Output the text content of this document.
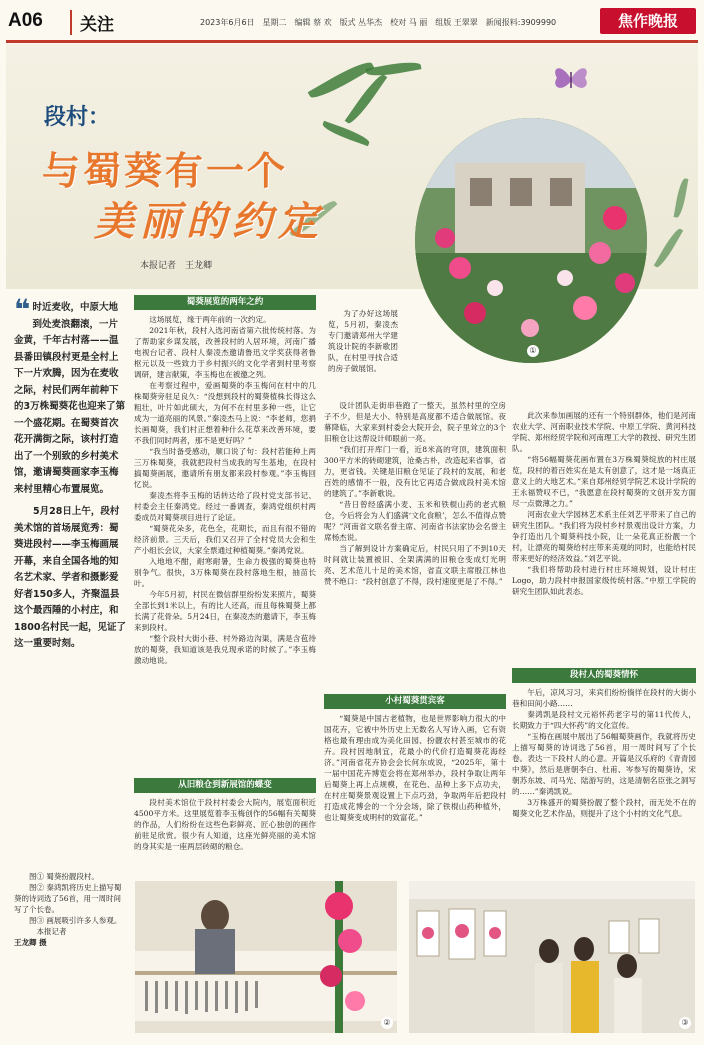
A06	关注	2023年6月6日　星期二　编辑 蔡 欢　版式 丛华杰　校对 马 丽　组版 王翠翠　新闻报料:3909990	焦作晚报
段村：
与蜀葵有一个
美丽的约定
本报记者　王龙卿
①

❝ 时近麦收，中原大地到处麦浪翻滚，一片金黄，千年古村落——温县番田镇段村更是全村上下一片欢腾，因为在麦收之际，村民们两年前种下的3万株蜀葵花也迎来了第一个盛花期。在蜀葵首次花开满街之际，该村打造出了一个别致的乡村美术馆，邀请蜀葵画家李玉梅来村里精心布置展览。

5月28日上午，段村美术馆的首场展览秀：蜀葵进段村——李玉梅画展开幕，来自全国各地的知名艺术家、学者和摄影爱好者150多人，齐聚温县这个最西陲的小村庄，和1800名村民一起，见证了这一重要时刻。

　　图① 蜀葵扮靓段村。

　　图② 秦鸿凯将历史上描写蜀葵的诗词选了56首，用一周时间写了个长卷。

　　图③ 画展吸引许多人参观。

　　　本报记者

王龙卿 摄

蜀葵展览的两年之约

这场展览，缘于两年前的一次约定。

2021年秋，段村入选河南省第六批传统村落。为了帮助家乡谋发展，改善段村的人居环境，河南广播电视台记者、段村人秦凌杰邀请鲁迅文学奖获得者鲁枢元以及一些致力于乡村振兴的文化学者到村里考察调研，建言献策，李玉梅也在被邀之列。

在考察过程中，爱画蜀葵的李玉梅问在村中的几株蜀葵旁驻足良久：“没想到段村的蜀葵植株长得这么粗壮，叶片如此硕大，为何不在村里多种一些，让它成为一道亮丽的风景。”秦凌杰马上说：“李老师，您捐长画蜀葵，我们村正想着种什么花草来改善环境，要不我们同时两者，那不是更好吗？”

“我当时备受感动，顺口说了句：段村若能种上两三万株蜀葵，我就把段村当成我的写生基地，在段村搞蜀葵画展，邀请所有朋友都来段村参观。”李玉梅回忆说。

秦凌杰将李玉梅的话转达给了段村党支部书记、村委会主任秦鸿党。经过一番调查，秦鸿党组织村两委成员对蜀葵项目进行了论证。

“蜀葵花朵多，花色全，花期长，而且有很不错的经济前景。三天后，我们又召开了全村党员大会和生产小组长会议，大家全票通过种植蜀葵。”秦鸿党说。

入地地不酣，耐寒耐暑，生命力极强的蜀葵也特别争气。很快，3万株蜀葵在段村落地生根，抽苗长叶。

今年5月初，村民在微信群里纷纷发来照片，蜀葵全部长到1米以上，有的比人还高，而且每株蜀葵上都长满了花骨朵。5月24日，在秦凌杰的邀请下，李玉梅来到段村。

“整个段村大街小巷、村外路边沟渠，满是含苞待放的蜀葵，我知道该是我兑现承诺的时候了。”李玉梅激动地说。

从旧粮仓到新展馆的蝶变

段村美术馆位于段村村委会大院内，展览面积近4500平方米。这里展览着李玉梅创作的56幅有关蜀葵的作品，人们纷纷在这些色彩鲜亮、匠心独创的画作前驻足欣赏。很少有人知道，这座光鲜亮丽的美术馆的身其实是一座两层砖砌的粮仓。

为了办好这场展览，5月初，秦凌杰专门邀请郑州大学建筑设计院的李新歌团队，在村里寻找合适的房子做展馆。

设计团队走街串巷跑了一整天，虽然村里的空房子不少，但是大小、特别是高度都不适合做展馆。夜幕降临，大家来到村委会大院开会，院子里耸立的3个旧粮仓让这帮设计师眼前一亮。

“我们打开库门一看，近8米高的穹顶，建筑面积300平方米的砖砌建筑，沧桑古朴，改造起来省事，省力，更省钱。关键是旧粮仓见证了段村的发展，和老百姓的感情不一般，没有比它再适合做成段村美术馆的建筑了。”李新歌说。

“昔日曾经盛满小麦、玉米和铁棍山药的老式粮仓，今后将会为人们盛满‘文化食粮’，怎么不值得点赞呢？”河南省文联名誉主席、河南省书法家协会名誉主席杨杰说。

当了解到设计方案确定后，村民只用了不到10天时间就让装置被旧、全架满满的旧粮仓变成灯光明亮、艺术范儿十足的美术馆，省直文联主席殷江林也赞不绝口：“段村创意了不得，段村速度更是了不得。”

小村蜀葵贯宾客

“蜀葵是中国古老植物，也是世界影响力很大的中国花卉，它被中外历史上无数名人写诗入画，它有资格也最有理由成为美化田园、扮靓农村甚至城市的花卉。段村因地制宜，花最小的代价打造蜀葵花海经济。”河南省花卉协会会长何东成说，“2025年，第十一届中国花卉博览会将在郑州举办，段村争取让两年后蜀葵上再上点规模，在花色、品种上多下点功夫，在村庄蜀葵景观设置上下点巧劲，争取两年后把段村打造成花博会的一个分会场，除了铁棍山药种植外，也让蜀葵变成明村的致富花。”

此次来参加画展的还有一个特别群体，他们是河南农业大学、河南职业技术学院、中原工学院、黄河科技学院、郑州经贸学院和河南理工大学的教授、研究生团队。

“将56幅蜀葵花画布置在3万株蜀葵绽放的村庄展览，段村的着百姓实在是太有创意了，这才是一场真正意义上的大地艺术。”来自郑州经贸学院艺术设计学院的王永福赞叹不已，“我愿意在段村蜀葵的文创开发方面尽一点微薄之力。”

河南农业大学园林艺术系主任刘艺平带来了自己的研究生团队。“我们将为段村乡村景观出设计方案，力争打造出几个蜀葵科技小院，让一朵花真正扮靓一个村，让漂亮的蜀葵给村庄带来美观的同时，也能给村民带来更好的经济效益。”刘艺平说。

“我们将帮助段村进行村庄环境规划，设计村庄Logo，助力段村申报国家级传统村落。”中原工学院的研究生团队如此表态。

段村人的蜀葵情怀

午后，凉风习习，来宾们纷纷徜徉在段村的大街小巷和田间小路……

秦鸿凯是段村文元裕怀药老字号的第11代传人，长期致力于“四大怀药”的文化宣传。

“玉梅在画展中展出了56幅蜀葵画作，我就将历史上描写蜀葵的诗词选了56首，用一周时间写了个长卷。表达一下段村人的心意。开篇是汉乐府的《青青园中葵》，然后是唐朝李白、杜甫、岑参写的蜀葵诗，宋朝苏东坡、司马光、陆游写的，这是清朝名臣张之洞写的……”秦鸿凯说。

3万株盛开的蜀葵扮靓了整个段村，而无处不在的蜀葵文化艺术作品，则提升了这个小村的文化气息。

②	③
